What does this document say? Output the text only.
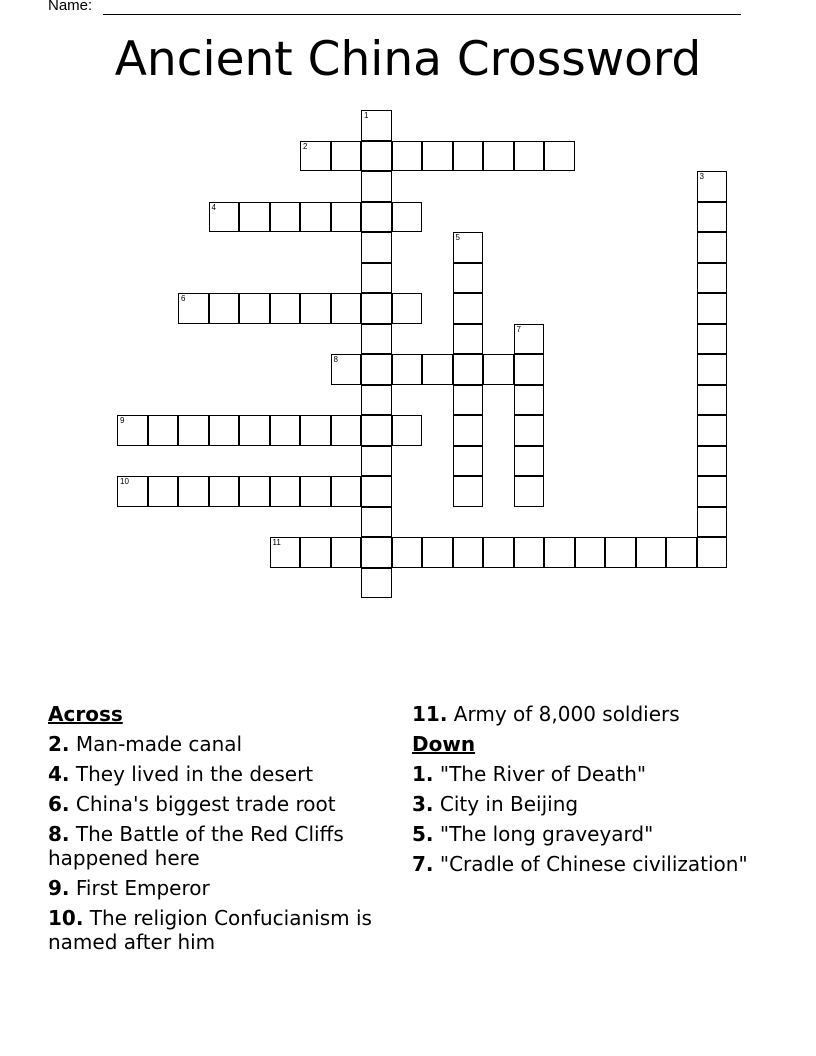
Name:
Ancient China Crossword
1
2
3
4
5
6
7
8
9
10
11
Across
2. Man-made canal
4. They lived in the desert
6. China's biggest trade root
8. The Battle of the Red Cliffs happened here
9. First Emperor
10. The religion Confucianism is named after him
11. Army of 8,000 soldiers
Down
1. "The River of Death"
3. City in Beijing
5. "The long graveyard"
7. "Cradle of Chinese civilization"
